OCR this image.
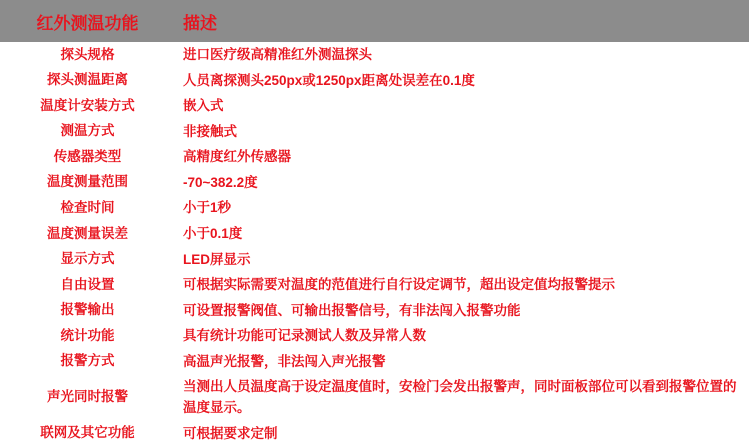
红外测温功能	描述
探头规格	进口医疗级高精准红外测温探头
探头测温距离	人员离探测头250px或1250px距离处误差在0.1度
温度计安装方式	嵌入式
测温方式	非接触式
传感器类型	高精度红外传感器
温度测量范围	-70~382.2度
检查时间	小于1秒
温度测量误差	小于0.1度
显示方式	LED屏显示
自由设置	可根据实际需要对温度的范值进行自行设定调节，超出设定值均报警提示
报警输出	可设置报警阀值、可输出报警信号，有非法闯入报警功能
统计功能	具有统计功能可记录测试人数及异常人数
报警方式	高温声光报警，非法闯入声光报警
声光同时报警	当测出人员温度高于设定温度值时，安检门会发出报警声，同时面板部位可以看到报警位置的温度显示。
联网及其它功能	可根据要求定制
